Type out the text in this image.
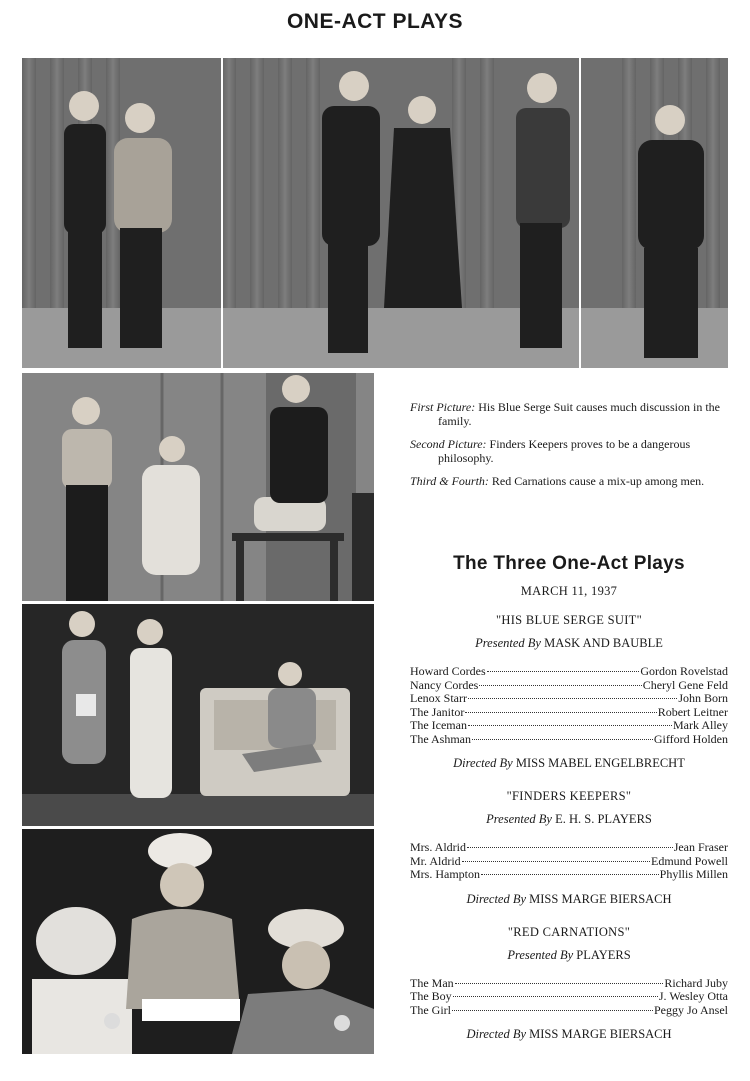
ONE-ACT PLAYS

First Picture: His Blue Serge Suit causes much discussion in the family.

Second Picture: Finders Keepers proves to be a dangerous philosophy.

Third & Fourth: Red Carnations cause a mix-up among men.

The Three One-Act Plays
MARCH 11, 1937
"HIS BLUE SERGE SUIT"
Presented By MASK AND BAUBLE
Howard Cordes	Gordon Rovelstad
Nancy Cordes	Cheryl Gene Feld
Lenox Starr	John Born
The Janitor	Robert Leitner
The Iceman	Mark Alley
The Ashman	Gifford Holden
Directed By MISS MABEL ENGELBRECHT
"FINDERS KEEPERS"
Presented By E. H. S. PLAYERS
Mrs. Aldrid	Jean Fraser
Mr. Aldrid	Edmund Powell
Mrs. Hampton	Phyllis Millen
Directed By MISS MARGE BIERSACH
"RED CARNATIONS"
Presented By PLAYERS
The Man	Richard Juby
The Boy	J. Wesley Otta
The Girl	Peggy Jo Ansel
Directed By MISS MARGE BIERSACH
